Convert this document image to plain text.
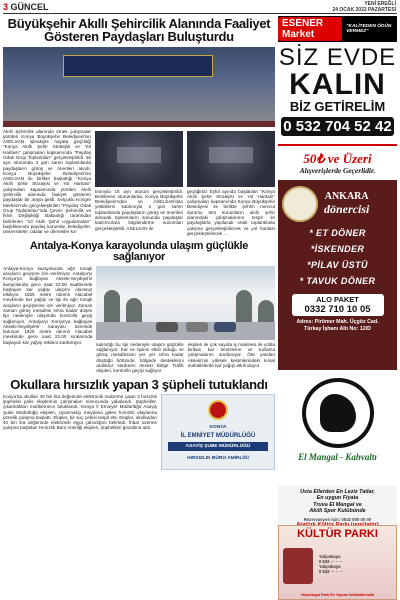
3 GÜNCEL	YENİ EREĞLİ
24 OCAK 2022 PAZARTESİ
Büyükşehir Akıllı Şehircilik Alanında Faaliyet Gösteren Paydaşları Buluşturdu

Akıllı Şehircilik alanında örnek çalışmalar yürüten Konya Büyükşehir Belediyesi'nin ASELSAN iştirakiyle hayata geçirdiği "Konya Akıllı Şehir Stratejisi ve Yol Haritası" çalışmaları kapsamında "Paydaş Odak Grup Toplantıları" gerçekleştirildi. 16 ayrı oturumda 3 gün süren toplantılarda paydaşların görüş ve önerileri alındı. Konya Büyükşehir Belediyesi'nin ASELSAN ile birlikte başlattığı "Konya Akıllı Şehir Stratejisi ve Yol Haritası" çalışmaları kapsamında yürüten Akıllı Şehircilik alanında faaliyet gösteren paydaşlar bir araya geldi. Selçuklu Kongre Merkezi'nde gerçekleştirilen "Paydaş Odak Grup Toplantıları"nda Çevre, Şehircilik ve İklim Değişikliği Bakanlığı tarafından belirlenen "10 Akıllı Şehir Uygulamaları" başlıklarında paydaş kurumlar, belediyeler, üniversiteler, odalar ve dernekler ka-

tılımıyla 16 ayrı oturum gerçekleştirildi. Belirlenen oturumlarda, Konya Büyükşehir Belediyesi'nden ve ASELSAN'dan yetkililerin katılımıyla 3 gün süren toplantılarda paydaşların görüş ve önerileri alınarak toplantıların sonunda paydaşlar katılımcılara bilgilendirme sunumları gerçekleştirildi. ASELSAN ile

geçtiğimiz Eylül ayında başlatılan "Konya Akıllı Şehir Stratejisi ve Yol Haritası" çalışmaları kapsamında Konya Büyükşehir Belediyesi ile birlikte şehrin mevcut durumu tüm kurumların akıllı şehir alanındaki çalışmalarının tespit ile paydaşlarla yapılacak ortak toplantılarla çalışma gerçekleştirilecek ve yol haritası gerçekleştirilecek ...

Antalya-Konya karayolunda ulaşım güçlükle sağlanıyor

Antalya-Konya karayolunda ağır tonajlı araçların geçişine izin verilmiyor. Antalya'yı Konya'ya bağlayan Akseki-Seydişehir karayolunda gece saat 22.00 saatlerinde başlayan kar yağışı ulaşımı olumsuz etkiliyor. 1825 metre rakımlı Alacabel mevkiinde kar yağışı ve tipi ile ağır tonajlı araçların geçişlerine izin verilmiyor. Zaman zaman görüş mesafesi sıfıra kadar düşen tipi nedeniyle ulaşımda kontrollü geçiş sağlanıyor. Antalya'yı Konya'ya bağlayan Akseki-Seydişehir karayolu üzerinde bulunan 1825 metre rakımlı Alacabel mevkiinde gece saat 22.00 sıralarında başlayan kar yağışı etkisini sürdürüyor.	kalındığı bu tipi nedeniyle ulaşım güçlükle sağlanıyor. Kar ve tipinin etkili olduğu ve görüş mesafesinin yer yer sıfıra kadar düştüğü bölümde, bölgede desteklerini aralıksız sürdüren Akseki Bölge Trafik ekipleri, kontrollü geçişi sağlıyor.

ekipleri ile çok sayıda iş makinesi ile yolda birikarı kar temizleme ve tuzlama çalışmalarını sürdürüyor. Öte yandan Akseki'nin yüksek kesimlerindeki kırsal mahallelerde kar yağışı etkili oluyor.

Okullara hırsızlık yapan 3 şüpheli tutuklandı

Konya'da okulları 40 bin lira değerinde elektronik malzeme çalan 3 hırsızlık şüphelisi polis ekiplerinin çalışmaları sonucunda yakalandı. Şüpheliler, çıkarıldıkları mahkemece tutuklandı. Konya İl Emniyet Müdürlüğü Asayiş Şube Müdürlüğü ekipleri, Uyanmakçı meydana gelen hırsızlık olaylarına yönelik çalışma başlattı. Ekipler, bir suç çetesi tespit etti. Ekipler, okullardan 40 bin lira değerinde elektronik eşya çalındığını belirledi. İhbar üzerine çalışma başlatan Hırsızlık Büro Amirliği ekipleri, şüphelileri gözaltına aldı.	KONYA
İL EMNİYET MÜDÜRLÜĞÜ
ASAYİŞ ŞUBE MÜDÜRLÜĞÜ
HIRSIZLIK BÜRO AMİRLİĞİ
ESENER Market
"KALİTEDEN ÖDÜN VERMEZ"
SİZ EVDE
KALIN
BİZ GETİRELİM
0 532 704 52 42
50₺ ve Üzeri
Alışverişlerde Geçerlidir.
ANKARA
dönercisi
* ET DÖNER
*İSKENDER
*PİLAV ÜSTÜ
* TAVUK DÖNER
ALO PAKET
0332 710 10 05
Adres: Pirömer Mah. Üçgöz Cad.
Türkay İşhanı Altı No: 12/D
El Mangal - Kahvaltı
Usta Ellerden En Leziz Tatlar,
En uygun Fiyata
Truva El Mangal ve
Akıllı Spor Kulübünde
Rezervasyon İçin: 0532 000 00 00
KÜLTÜR PARKI
Yalçınkaya
0 532 ··· ·· ··
Yalçınkaya
0 532 ··· ·· ··
Yalçınkaya Park Ev Yapımı İstikbalimizdir
